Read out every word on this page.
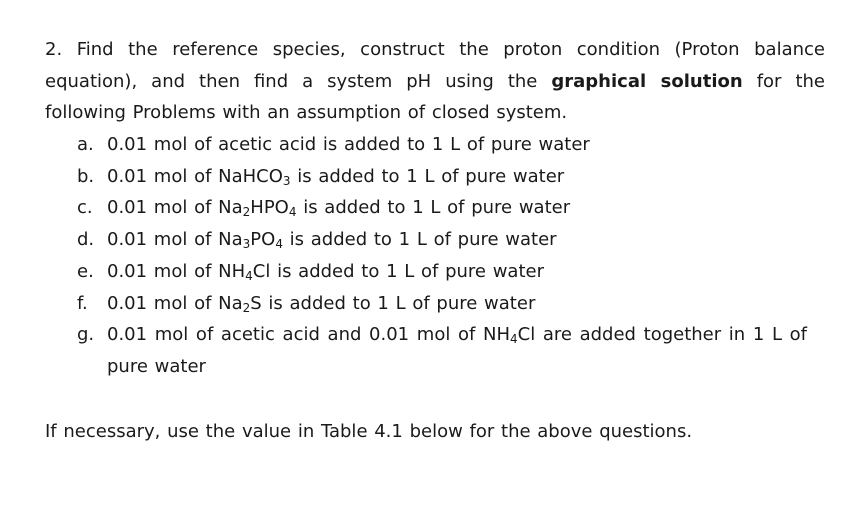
2. Find the reference species, construct the proton condition (Proton balance equation), and then find a system pH using the graphical solution for the following Problems with an assumption of closed system.

a. 0.01 mol of acetic acid is added to 1 L of pure water
b. 0.01 mol of NaHCO$_3$ is added to 1 L of pure water
c. 0.01 mol of $Na_2HPO_4$ is added to 1 L of pure water
d. 0.01 mol of $Na_3PO_4$ is added to 1 L of pure water
e. 0.01 mol of $NH_4Cl$ is added to 1 L of pure water
f. 0.01 mol of $Na_2S$ is added to 1 L of pure water
g. 0.01 mol of acetic acid and 0.01 mol of $NH_4Cl$ are added together in 1 L of pure water
If necessary, use the value in Table 4.1 below for the above questions.
